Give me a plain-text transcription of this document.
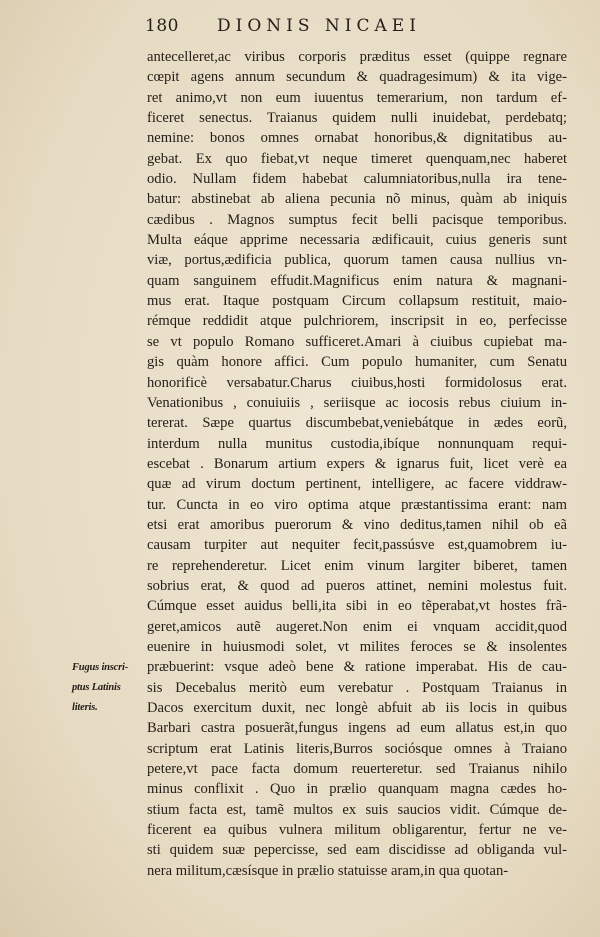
180 DIONIS NICAEI
Fugus inscri-
ptus Latinis
literis.
antecelleret,ac viribus corporis præditus esset (quippe regnare
cœpit agens annum secundum & quadragesimum) & ita vige-
ret animo,vt non eum iuuentus temerarium, non tardum ef-
ficeret senectus. Traianus quidem nulli inuidebat, perdebatq;
nemine: bonos omnes ornabat honoribus,& dignitatibus au-
gebat. Ex quo fiebat,vt neque timeret quenquam,nec haberet
odio. Nullam fidem habebat calumniatoribus,nulla ira tene-
batur: abstinebat ab aliena pecunia nõ minus, quàm ab iniquis
cædibus . Magnos sumptus fecit belli pacisque temporibus.
Multa eáque apprime necessaria ædificauit, cuius generis sunt
viæ, portus,ædificia publica, quorum tamen causa nullius vn-
quam sanguinem effudit.Magnificus enim natura & magnani-
mus erat. Itaque postquam Circum collapsum restituit, maio-
rémque reddidit atque pulchriorem, inscripsit in eo, perfecisse
se vt populo Romano sufficeret.Amari à ciuibus cupiebat ma-
gis quàm honore affici. Cum populo humaniter, cum Senatu
honorificè versabatur.Charus ciuibus,hosti formidolosus erat.
Venationibus , conuiuiis , seriisque ac iocosis rebus ciuium in-
tererat. Sæpe quartus discumbebat,veniebátque in ædes eorũ,
interdum nulla munitus custodia,ibíque nonnunquam requi-
escebat . Bonarum artium expers & ignarus fuit, licet verè ea
quæ ad virum doctum pertinent, intelligere, ac facere viddraw-
tur. Cuncta in eo viro optima atque præstantissima erant: nam
etsi erat amoribus puerorum & vino deditus,tamen nihil ob eã
causam turpiter aut nequiter fecit,passúsve est,quamobrem iu-
re reprehenderetur. Licet enim vinum largiter biberet, tamen
sobrius erat, & quod ad pueros attinet, nemini molestus fuit.
Cúmque esset auidus belli,ita sibi in eo tẽperabat,vt hostes frã-
geret,amicos autẽ augeret.Non enim ei vnquam accidit,quod
euenire in huiusmodi solet, vt milites feroces se & insolentes
præbuerint: vsque adeò bene & ratione imperabat. His de cau-
sis Decebalus meritò eum verebatur . Postquam Traianus in
Dacos exercitum duxit, nec longè abfuit ab iis locis in quibus
Barbari castra posuerãt,fungus ingens ad eum allatus est,in quo
scriptum erat Latinis literis,Burros sociósque omnes à Traiano
petere,vt pace facta domum reuerteretur. sed Traianus nihilo
minus conflixit . Quo in prælio quanquam magna cædes ho-
stium facta est, tamẽ multos ex suis saucios vidit. Cúmque de-
ficerent ea quibus vulnera militum obligarentur, fertur ne ve-
sti quidem suæ pepercisse, sed eam discidisse ad obliganda vul-
nera militum,cæsísque in prælio statuisse aram,in qua quotan-
